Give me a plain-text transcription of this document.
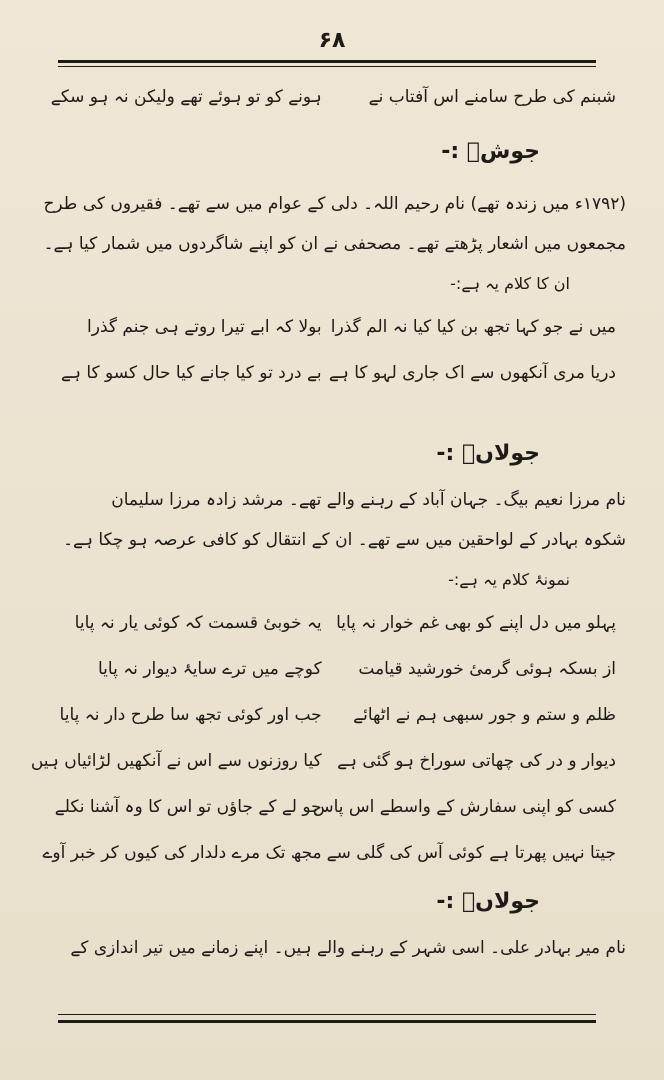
۶۸
شبنم کی طرح سامنے اس آفتاب نے
ہونے کو تو ہوئے تھے ولیکن نہ ہو سکے
جوشؔ :-
(۱۷۹۲ء میں زندہ تھے) نام رحیم اللہ۔ دلی کے عوام میں سے تھے۔ فقیروں کی طرح
مجمعوں میں اشعار پڑھتے تھے۔ مصحفی نے ان کو اپنے شاگردوں میں شمار کیا ہے۔
ان کا کلام یہ ہے:-
میں نے جو کہا تجھ بن کیا کیا نہ الم گذرا
بولا کہ ابے تیرا روتے ہی جنم گذرا
دریا مری آنکھوں سے اک جاری لہو کا ہے
بے درد تو کیا جانے کیا حال کسو کا ہے
جولاںؔ :-
نام مرزا نعیم بیگ۔ جہان آباد کے رہنے والے تھے۔ مرشد زادہ مرزا سلیمان
شکوہ بہادر کے لواحقین میں سے تھے۔ ان کے انتقال کو کافی عرصہ ہو چکا ہے۔
نمونۂ کلام یہ ہے:-
پہلو میں دل اپنے کو بھی غم خوار نہ پایا
یہ خوبیٔ قسمت کہ کوئی یار نہ پایا
از بسکہ ہوئی گرمیٔ خورشید قیامت
کوچے میں ترے سایۂ دیوار نہ پایا
ظلم و ستم و جور سبھی ہم نے اٹھائے
جب اور کوئی تجھ سا طرح دار نہ پایا
دیوار و در کی چھاتی سوراخ ہو گئی ہے
کیا روزنوں سے اس نے آنکھیں لڑائیاں ہیں
کسی کو اپنی سفارش کے واسطے اس پاس
جو لے کے جاؤں تو اس کا وہ آشنا نکلے
جیتا نہیں پھرتا ہے کوئی آس کی گلی سے
مجھ تک مرے دلدار کی کیوں کر خبر آوے
جولاںؔ :-
نام میر بہادر علی۔ اسی شہر کے رہنے والے ہیں۔ اپنے زمانے میں تیر اندازی کے
